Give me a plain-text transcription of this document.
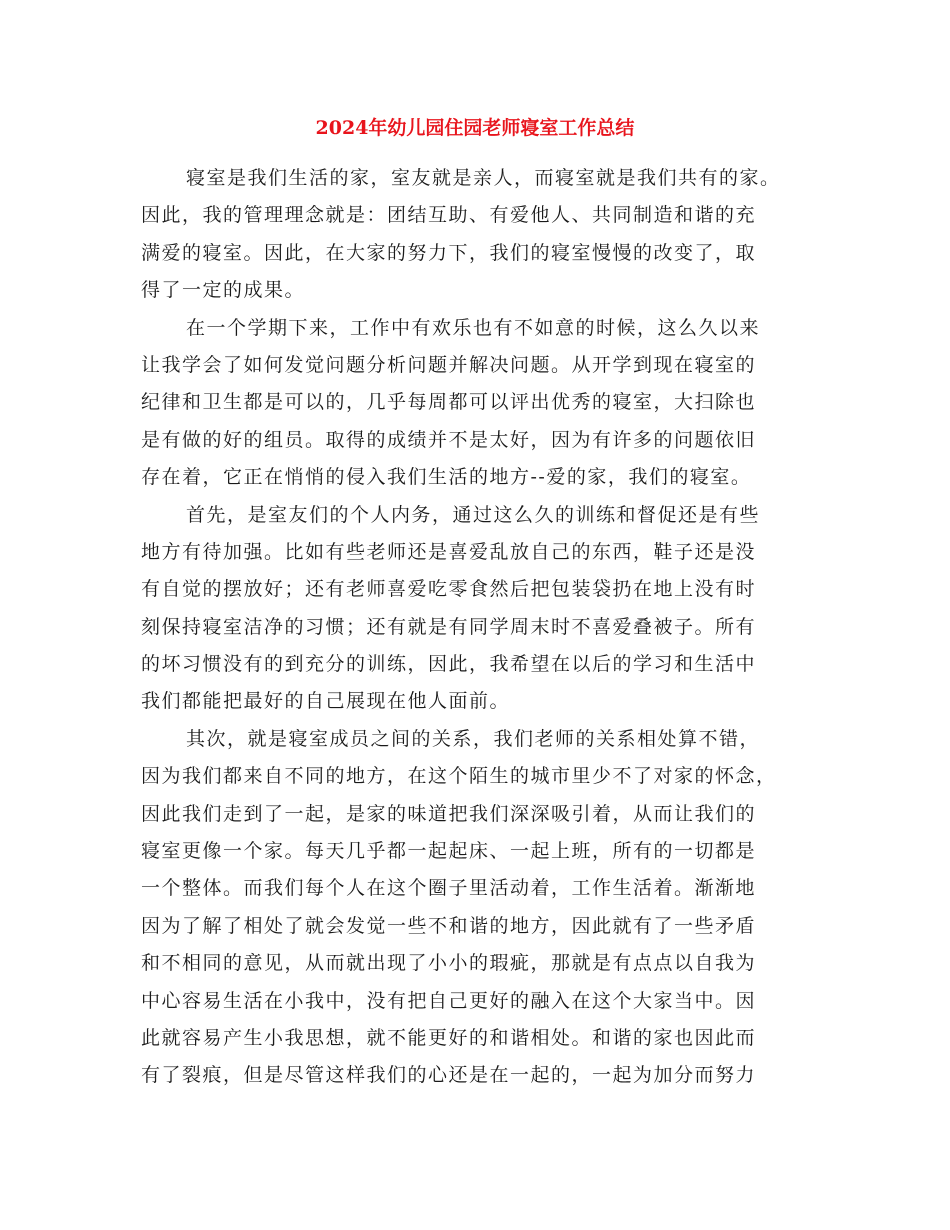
2024年幼儿园住园老师寝室工作总结
寝室是我们生活的家，室友就是亲人，而寝室就是我们共有的家。
因此，我的管理理念就是：团结互助、有爱他人、共同制造和谐的充
满爱的寝室。因此，在大家的努力下，我们的寝室慢慢的改变了，取
得了一定的成果。
在一个学期下来，工作中有欢乐也有不如意的时候，这么久以来
让我学会了如何发觉问题分析问题并解决问题。从开学到现在寝室的
纪律和卫生都是可以的，几乎每周都可以评出优秀的寝室，大扫除也
是有做的好的组员。取得的成绩并不是太好，因为有许多的问题依旧
存在着，它正在悄悄的侵入我们生活的地方--爱的家，我们的寝室。
首先，是室友们的个人内务，通过这么久的训练和督促还是有些
地方有待加强。比如有些老师还是喜爱乱放自己的东西，鞋子还是没
有自觉的摆放好；还有老师喜爱吃零食然后把包装袋扔在地上没有时
刻保持寝室洁净的习惯；还有就是有同学周末时不喜爱叠被子。所有
的坏习惯没有的到充分的训练，因此，我希望在以后的学习和生活中
我们都能把最好的自己展现在他人面前。
其次，就是寝室成员之间的关系，我们老师的关系相处算不错，
因为我们都来自不同的地方，在这个陌生的城市里少不了对家的怀念，
因此我们走到了一起，是家的味道把我们深深吸引着，从而让我们的
寝室更像一个家。每天几乎都一起起床、一起上班，所有的一切都是
一个整体。而我们每个人在这个圈子里活动着，工作生活着。渐渐地
因为了解了相处了就会发觉一些不和谐的地方，因此就有了一些矛盾
和不相同的意见，从而就出现了小小的瑕疵，那就是有点点以自我为
中心容易生活在小我中，没有把自己更好的融入在这个大家当中。因
此就容易产生小我思想，就不能更好的和谐相处。和谐的家也因此而
有了裂痕，但是尽管这样我们的心还是在一起的，一起为加分而努力
